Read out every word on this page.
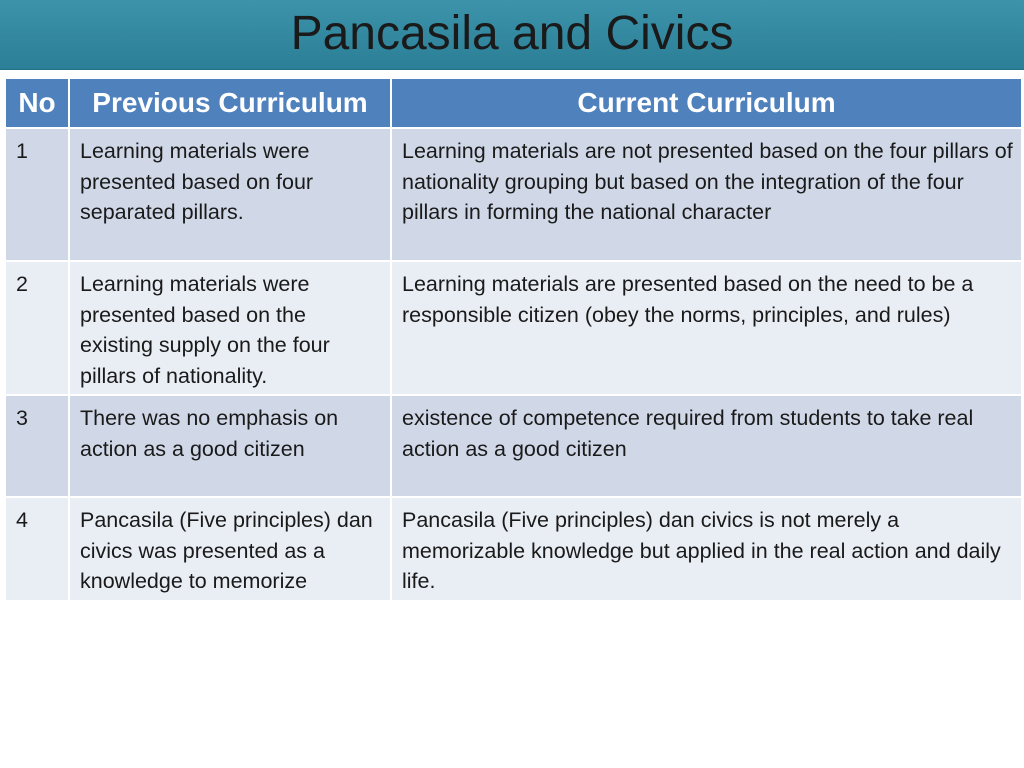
Pancasila and Civics
No	Previous Curriculum	Current Curriculum
1	Learning materials were presented based on four separated pillars.	Learning materials are not presented based on the four pillars of nationality grouping but based on the integration of the four pillars in forming the national character
2	Learning materials were presented based on the existing supply on the four pillars of nationality.	Learning materials are presented based on the need to be a responsible citizen (obey the norms, principles, and rules)
3	There was no emphasis on action as a good citizen	existence of competence required from students to take real action as a good citizen
4	Pancasila (Five principles) dan civics was presented as a knowledge to memorize	Pancasila (Five principles) dan civics is not merely a memorizable knowledge but applied in the real action and daily life.
